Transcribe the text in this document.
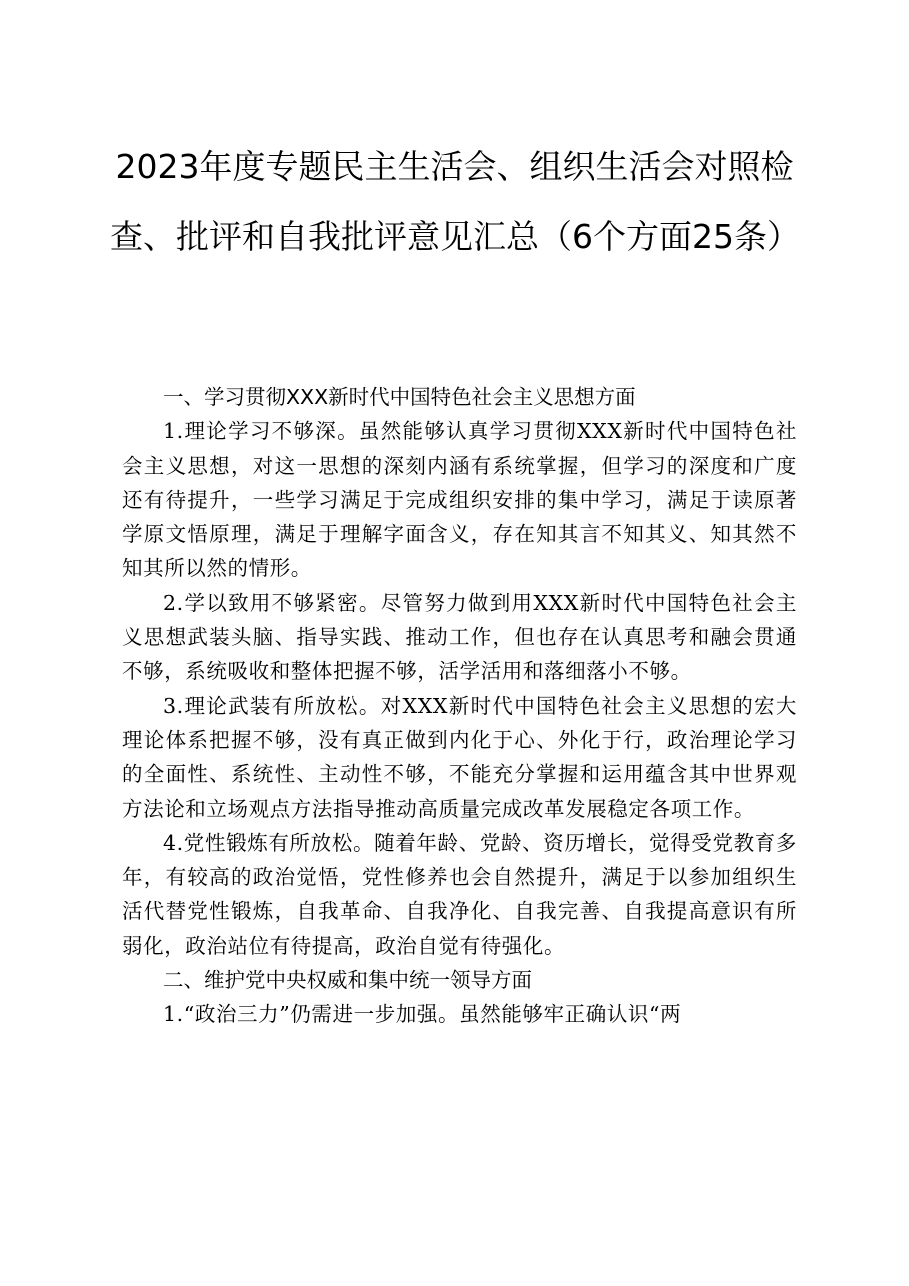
2023年度专题民主生活会、组织生活会对照检查、批评和自我批评意见汇总（6个方面25条）
一、学习贯彻XXX新时代中国特色社会主义思想方面

1.理论学习不够深。虽然能够认真学习贯彻XXX新时代中国特色社会主义思想，对这一思想的深刻内涵有系统掌握，但学习的深度和广度还有待提升，一些学习满足于完成组织安排的集中学习，满足于读原著学原文悟原理，满足于理解字面含义，存在知其言不知其义、知其然不知其所以然的情形。

2.学以致用不够紧密。尽管努力做到用XXX新时代中国特色社会主义思想武装头脑、指导实践、推动工作，但也存在认真思考和融会贯通不够，系统吸收和整体把握不够，活学活用和落细落小不够。

3.理论武装有所放松。对XXX新时代中国特色社会主义思想的宏大理论体系把握不够，没有真正做到内化于心、外化于行，政治理论学习的全面性、系统性、主动性不够，不能充分掌握和运用蕴含其中世界观方法论和立场观点方法指导推动高质量完成改革发展稳定各项工作。

4.党性锻炼有所放松。随着年龄、党龄、资历增长，觉得受党教育多年，有较高的政治觉悟，党性修养也会自然提升，满足于以参加组织生活代替党性锻炼，自我革命、自我净化、自我完善、自我提高意识有所弱化，政治站位有待提高，政治自觉有待强化。

二、维护党中央权威和集中统一领导方面

1.“政治三力”仍需进一步加强。虽然能够牢正确认识“两
